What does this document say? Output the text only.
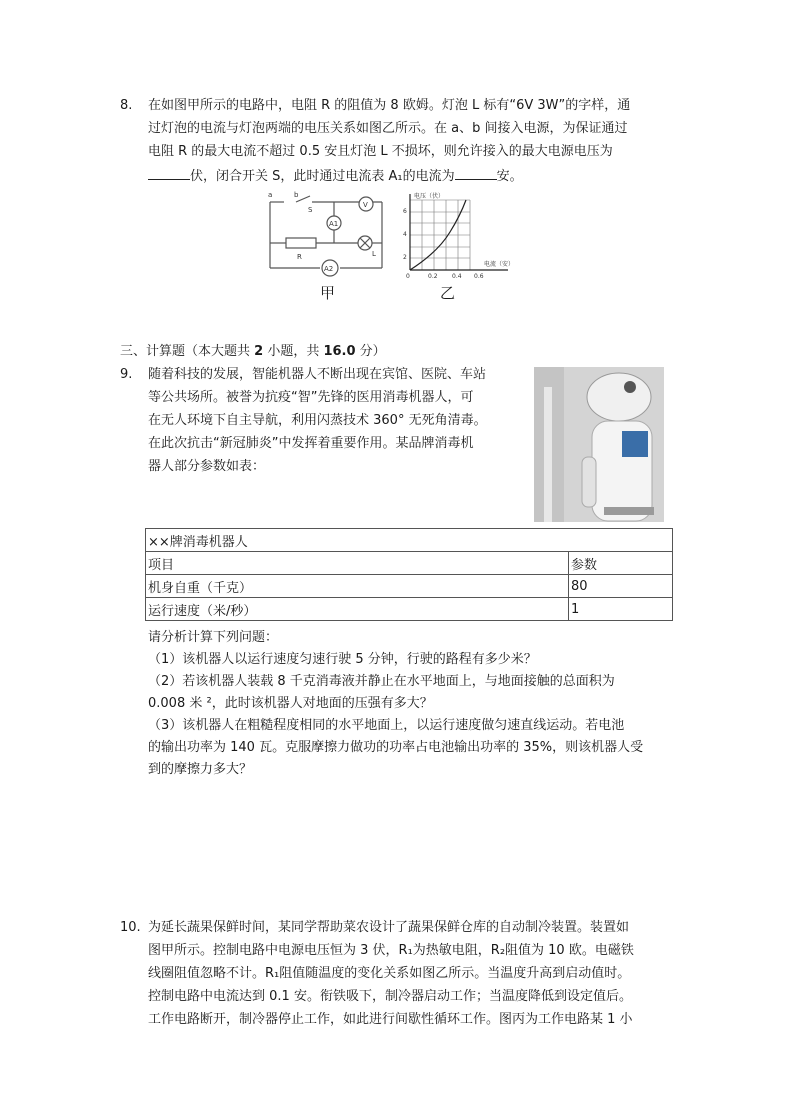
8. 在如图甲所示的电路中，电阻 R 的阻值为 8 欧姆。灯泡 L 标有“6V 3W”的字样，通
过灯泡的电流与灯泡两端的电压关系如图乙所示。在 a、b 间接入电源，为保证通过
电阻 R 的最大电流不超过 0.5 安且灯泡 L 不损坏，则允许接入的最大电源电压为
伏，闭合开关 S，此时通过电流表 A₁的电流为	安。
a	b
S
V
A1
A2
R	L
甲
电压（伏）
电流（安）
6
4
2
0	0.2 0.4 0.6
乙
三、计算题（本大题共 2 小题，共 16.0 分）
9. 随着科技的发展，智能机器人不断出现在宾馆、医院、车站
等公共场所。被誉为抗疫“智”先锋的医用消毒机器人，可
在无人环境下自主导航，利用闪蒸技术 360° 无死角清毒。
在此次抗击“新冠肺炎”中发挥着重要作用。某品牌消毒机
器人部分参数如表：
××牌消毒机器人	
项目	参数
机身自重（千克）	80
运行速度（米/秒）	1
请分析计算下列问题：
（1）该机器人以运行速度匀速行驶 5 分钟，行驶的路程有多少米？
（2）若该机器人装载 8 千克消毒液并静止在水平地面上，与地面接触的总面积为
0.008 米 ²，此时该机器人对地面的压强有多大？
（3）该机器人在粗糙程度相同的水平地面上，以运行速度做匀速直线运动。若电池
的输出功率为 140 瓦。克服摩擦力做功的功率占电池输出功率的 35%，则该机器人受
到的摩擦力多大？
10. 为延长蔬果保鲜时间，某同学帮助菜农设计了蔬果保鲜仓库的自动制冷装置。装置如
图甲所示。控制电路中电源电压恒为 3 伏，R₁为热敏电阻，R₂阻值为 10 欧。电磁铁
线圈阻值忽略不计。R₁阻值随温度的变化关系如图乙所示。当温度升高到启动值时。
控制电路中电流达到 0.1 安。衔铁吸下，制冷器启动工作；当温度降低到设定值后。
工作电路断开，制冷器停止工作，如此进行间歇性循环工作。图丙为工作电路某 1 小
